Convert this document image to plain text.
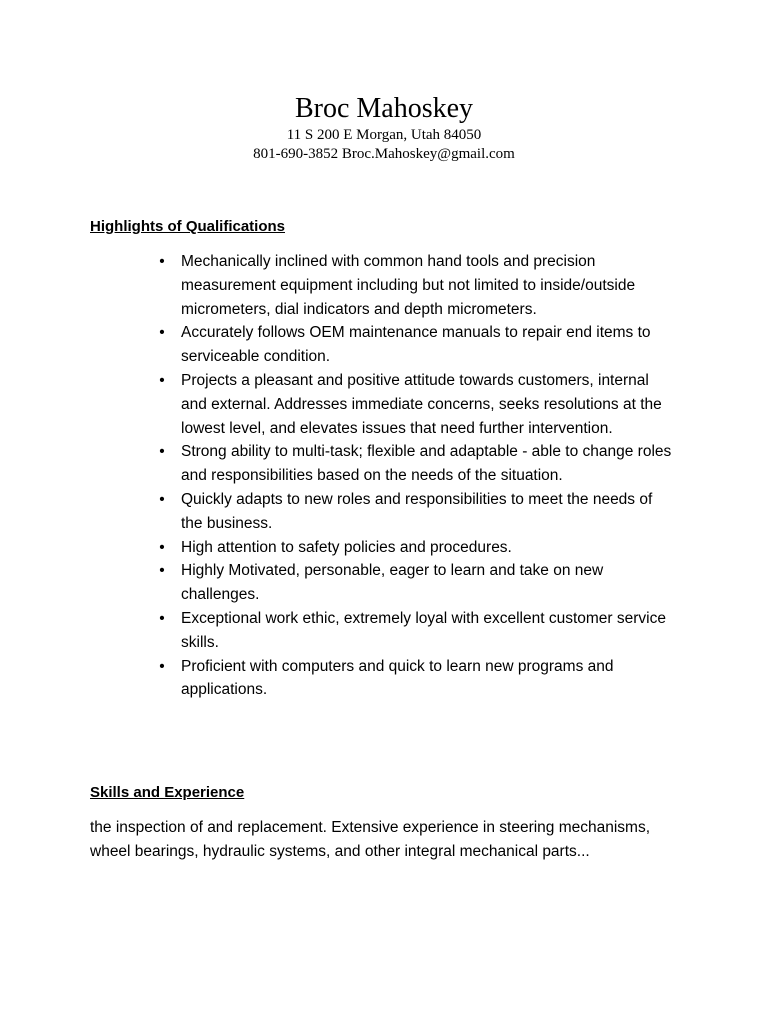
Broc Mahoskey

11 S 200 E Morgan, Utah 84050

801-690-3852 Broc.Mahoskey@gmail.com

Highlights of Qualifications

• Mechanically inclined with common hand tools and precision measurement equipment including but not limited to inside/outside micrometers, dial indicators and depth micrometers.
• Accurately follows OEM maintenance manuals to repair end items to serviceable condition.
• Projects a pleasant and positive attitude towards customers, internal and external. Addresses immediate concerns, seeks resolutions at the lowest level, and elevates issues that need further intervention.
• Strong ability to multi-task; flexible and adaptable - able to change roles and responsibilities based on the needs of the situation.
• Quickly adapts to new roles and responsibilities to meet the needs of the business.
• High attention to safety policies and procedures.
• Highly Motivated, personable, eager to learn and take on new challenges.
• Exceptional work ethic, extremely loyal with excellent customer service skills.
• Proficient with computers and quick to learn new programs and applications.

Skills and Experience

the inspection of and replacement. Extensive experience in steering mechanisms, wheel bearings, hydraulic systems, and other integral mechanical parts...
